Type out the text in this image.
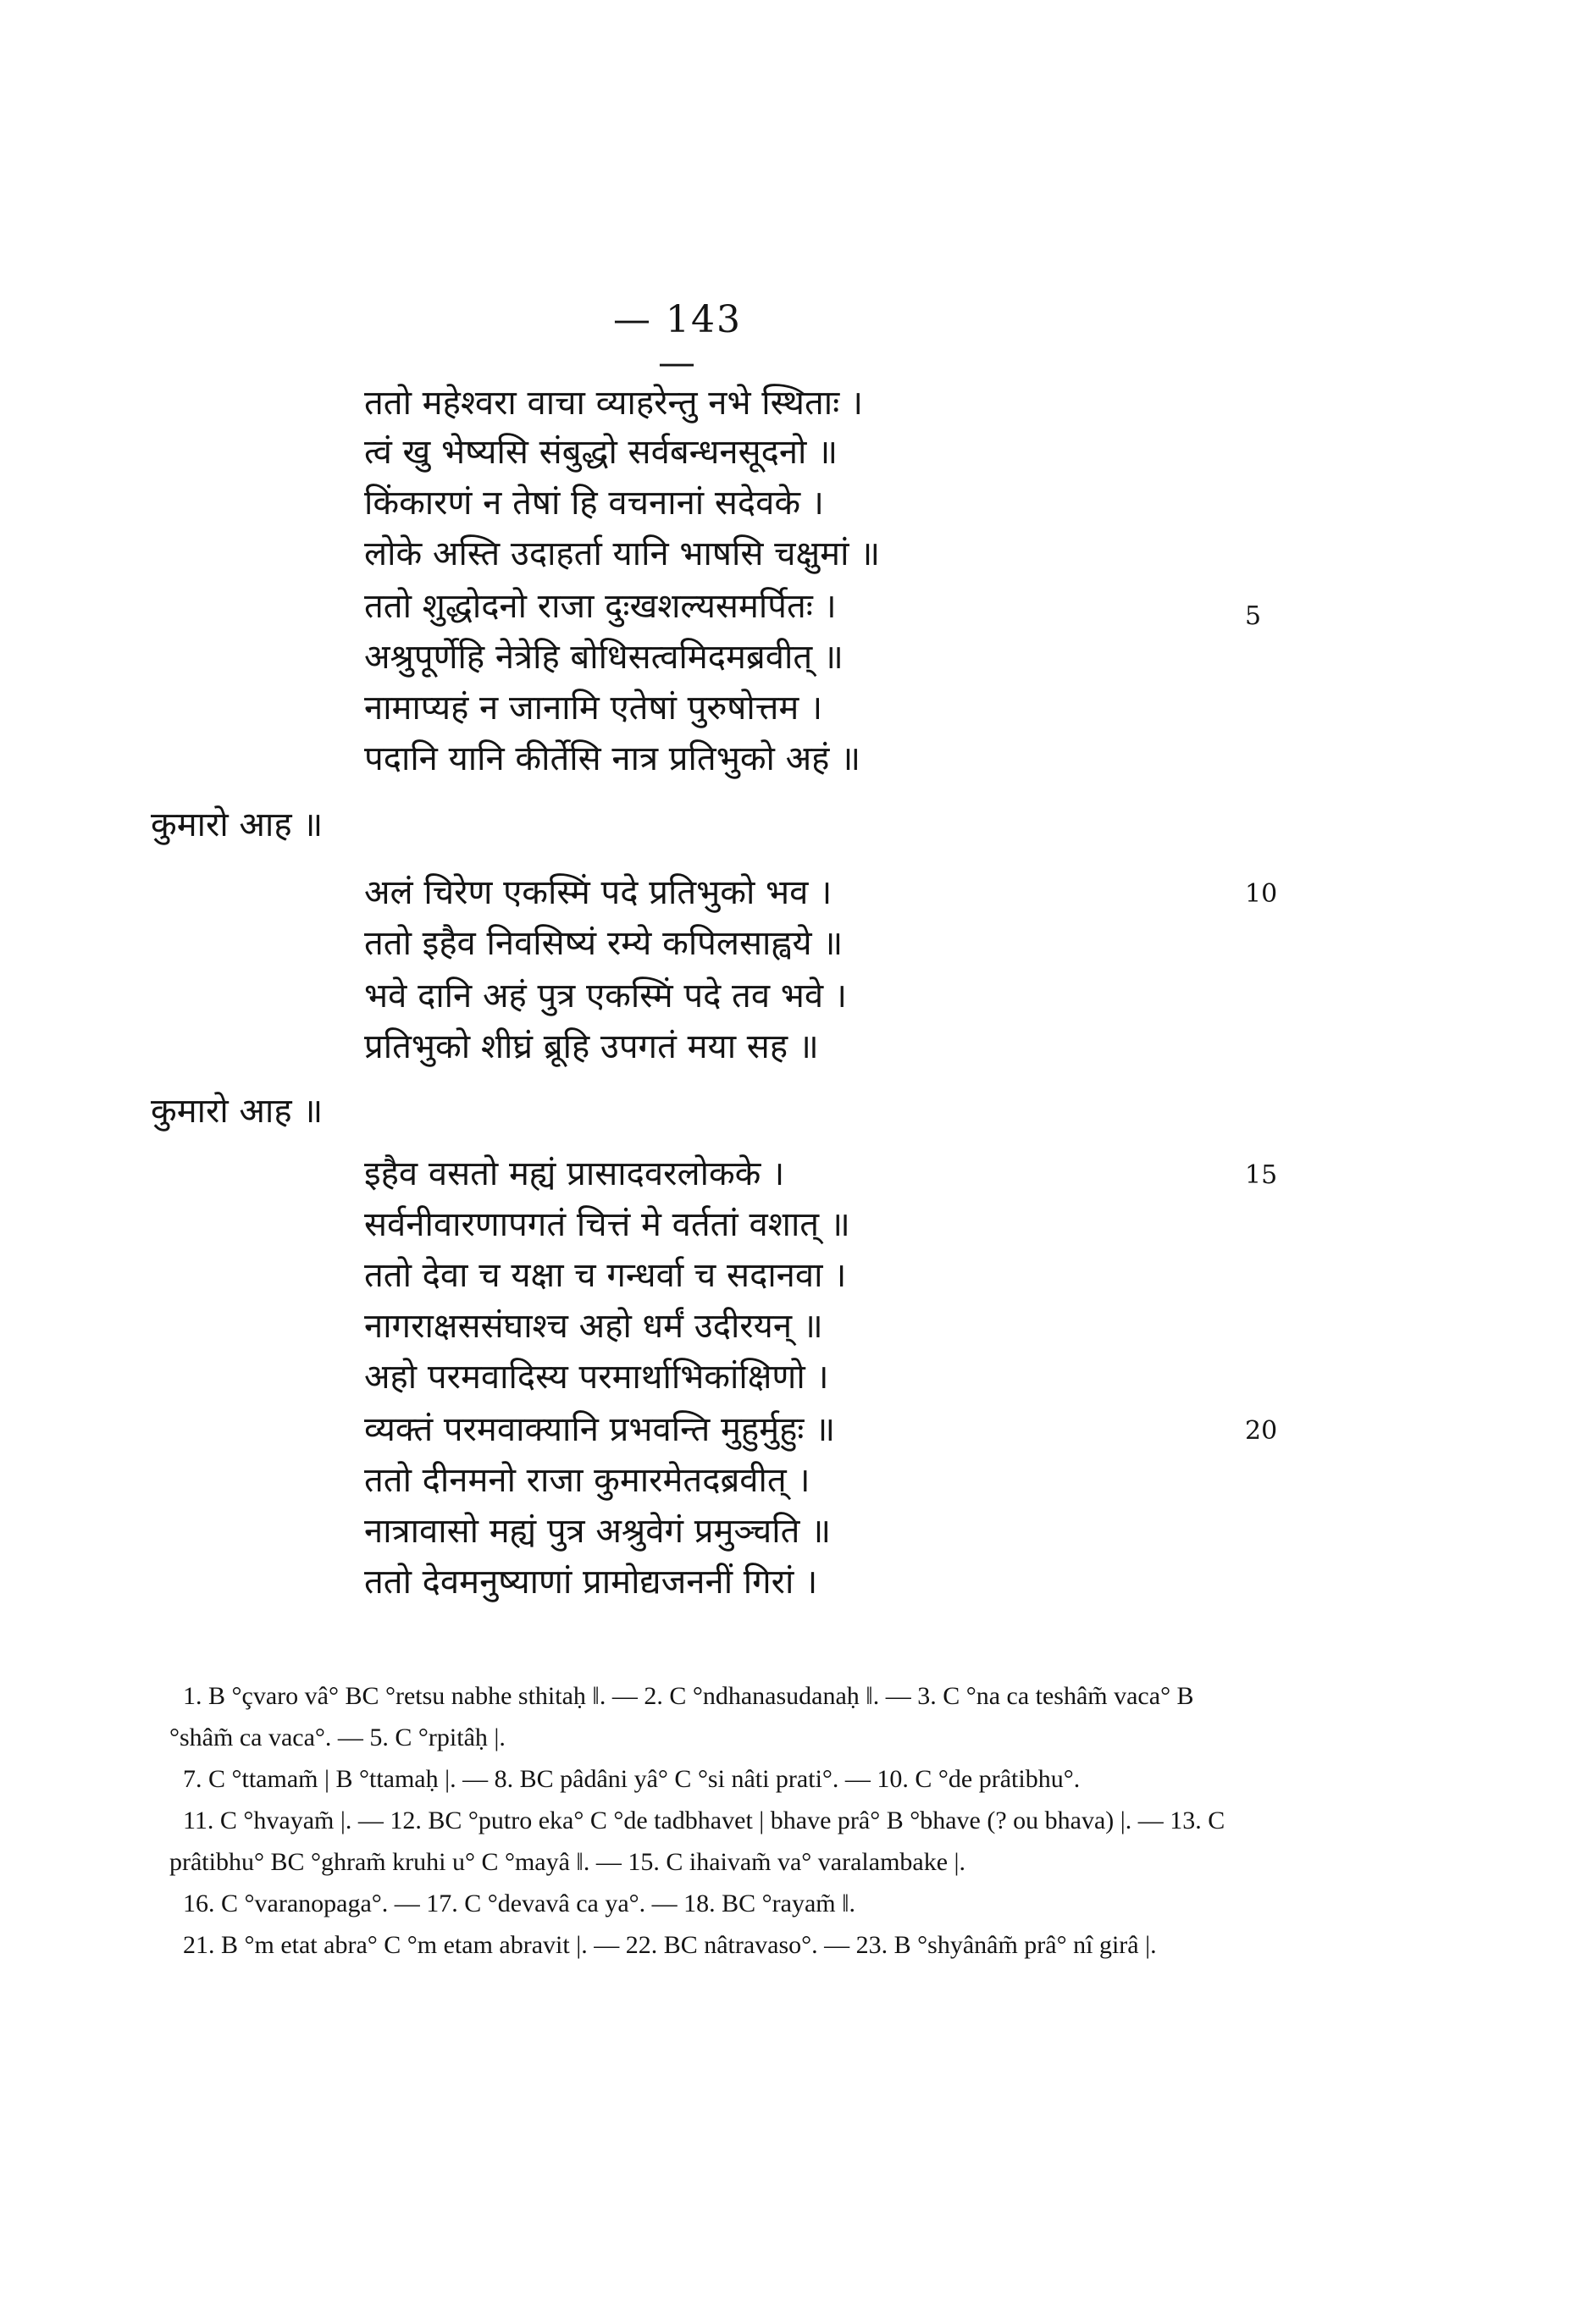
— 143 —
ततो महेश्वरा वाचा व्याहरेन्तु नभे स्थिताः ।
त्वं खु भेष्यसि संबुद्धो सर्वबन्धनसूदनो ॥
किंकारणं न तेषां हि वचनानां सदेवके ।
लोके अस्ति उदाहर्ता यानि भाषसि चक्षुमां ॥
ततो शुद्धोदनो राजा दुःखशल्यसमर्पितः ।
अश्रुपूर्णेहि नेत्रेहि बोधिसत्वमिदमब्रवीत् ॥
नामाप्यहं न जानामि एतेषां पुरुषोत्तम ।
पदानि यानि कीर्तेसि नात्र प्रतिभुको अहं ॥
5
कुमारो आह ॥
अलं चिरेण एकस्मिं पदे प्रतिभुको भव ।
ततो इहैव निवसिष्यं रम्ये कपिलसाह्वये ॥
भवे दानि अहं पुत्र एकस्मिं पदे तव भवे ।
प्रतिभुको शीघ्रं ब्रूहि उपगतं मया सह ॥
10
कुमारो आह ॥
इहैव वसतो मह्यं प्रासादवरलोकके ।
सर्वनीवारणापगतं चित्तं मे वर्ततां वशात् ॥
ततो देवा च यक्षा च गन्धर्वा च सदानवा ।
नागराक्षससंघाश्च अहो धर्मं उदीरयन् ॥
अहो परमवादिस्य परमार्थाभिकांक्षिणो ।
व्यक्तं परमवाक्यानि प्रभवन्ति मुहुर्मुहुः ॥
ततो दीनमनो राजा कुमारमेतदब्रवीत् ।
नात्रावासो मह्यं पुत्र अश्रुवेगं प्रमुञ्चति ॥
ततो देवमनुष्याणां प्रामोद्यजननीं गिरां ।
15
20

1. B °çvaro vâ° BC °retsu nabhe sthitaḥ ‖. — 2. C °ndhanasudanaḥ ‖. — 3. C °na ca teshâm̃ vaca° B °shâm̃ ca vaca°. — 5. C °rpitâḥ |.

7. C °ttamam̃ | B °ttamaḥ |. — 8. BC pâdâni yâ° C °si nâti prati°. — 10. C °de prâtibhu°.

11. C °hvayam̃ |. — 12. BC °putro eka° C °de tadbhavet | bhave prâ° B °bhave (? ou bhava) |. — 13. C prâtibhu° BC °ghram̃ kruhi u° C °mayâ ‖. — 15. C ihaivam̃ va° varalambake |.

16. C °varanopaga°. — 17. C °devavâ ca ya°. — 18. BC °rayam̃ ‖.

21. B °m etat abra° C °m etam abravit |. — 22. BC nâtravaso°. — 23. B °shyânâm̃ prâ° nî girâ |.
